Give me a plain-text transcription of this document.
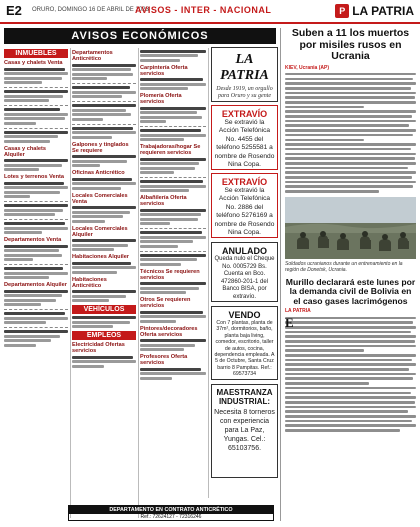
E2 ORURO, DOMINGO 16 DE ABRIL DE 2023
AVISOS - INTER - NACIONAL	P LA PATRIA
AVISOS ECONÓMICOS
INMUEBLES
Casas y chalets Venta
Casas y chalets Alquiler
Lotes y terrenos Venta
Departamentos Venta
Departamentos Alquiler
Departamentos Anticrético
Galpones y tinglados Se requiere
Oficinas Anticrético
Locales Comerciales Venta
Locales Comerciales Alquiler
Habitaciones Alquiler
Habitaciones Anticrético
VEHÍCULOS
EMPLEOS
Electricidad Ofertas servicios
Carpintería Oferta servicios
Plomería Oferta servicios
Trabajadoras/hogar Se requieren servicios
Albañilería Oferta servicios
Técnicos Se requieren servicios
Otros Se requieren servicios
Pintores/decoradores Oferta servicios
Profesores Oferta servicios
LA PATRIA
Desde 1919, un orgullo para Oruro y su gente
EXTRAVÍO
Se extravió la Acción Telefónica No. 4455 del teléfono 5255581 a nombre de Rosendo Nina Copa.
EXTRAVÍO
Se extravió la Acción Telefónica No. 2886 del teléfono 5276169 a nombre de Rosendo Nina Copa.
ANULADO
Queda nulo el Cheque No. 0005729 Bs. Cuenta en Bco. 472860-201-1 del Banco BISA, por extravío.
VENDO
Con 7 plantas, planta de 37m², dormitorios, baño, planta baja living, comedor, escritorio, taller de autos, cocina, dependencia empleada. A 5 de Octubre, Santa Cruz barrio 8 Pampitas. Ref.: 69573734
MAESTRANZA INDUSTRIAL:
Necesita 8 torneros con experiencia para La Paz, Yungas. Cel.: 65103756.
DEPARTAMENTO EN CONTRATO ANTICRÉTICO
Ref.: 72624127 - 72316246
Suben a 11 los muertos por misiles rusos en Ucrania
KIEV, Ucrania (AP)
Soldados ucranianos durante un entrenamiento en la región de Donetsk, Ucrania.
Murillo declarará este lunes por la demanda civil de Bolivia en el caso gases lacrimógenos
LA PATRIA
E
